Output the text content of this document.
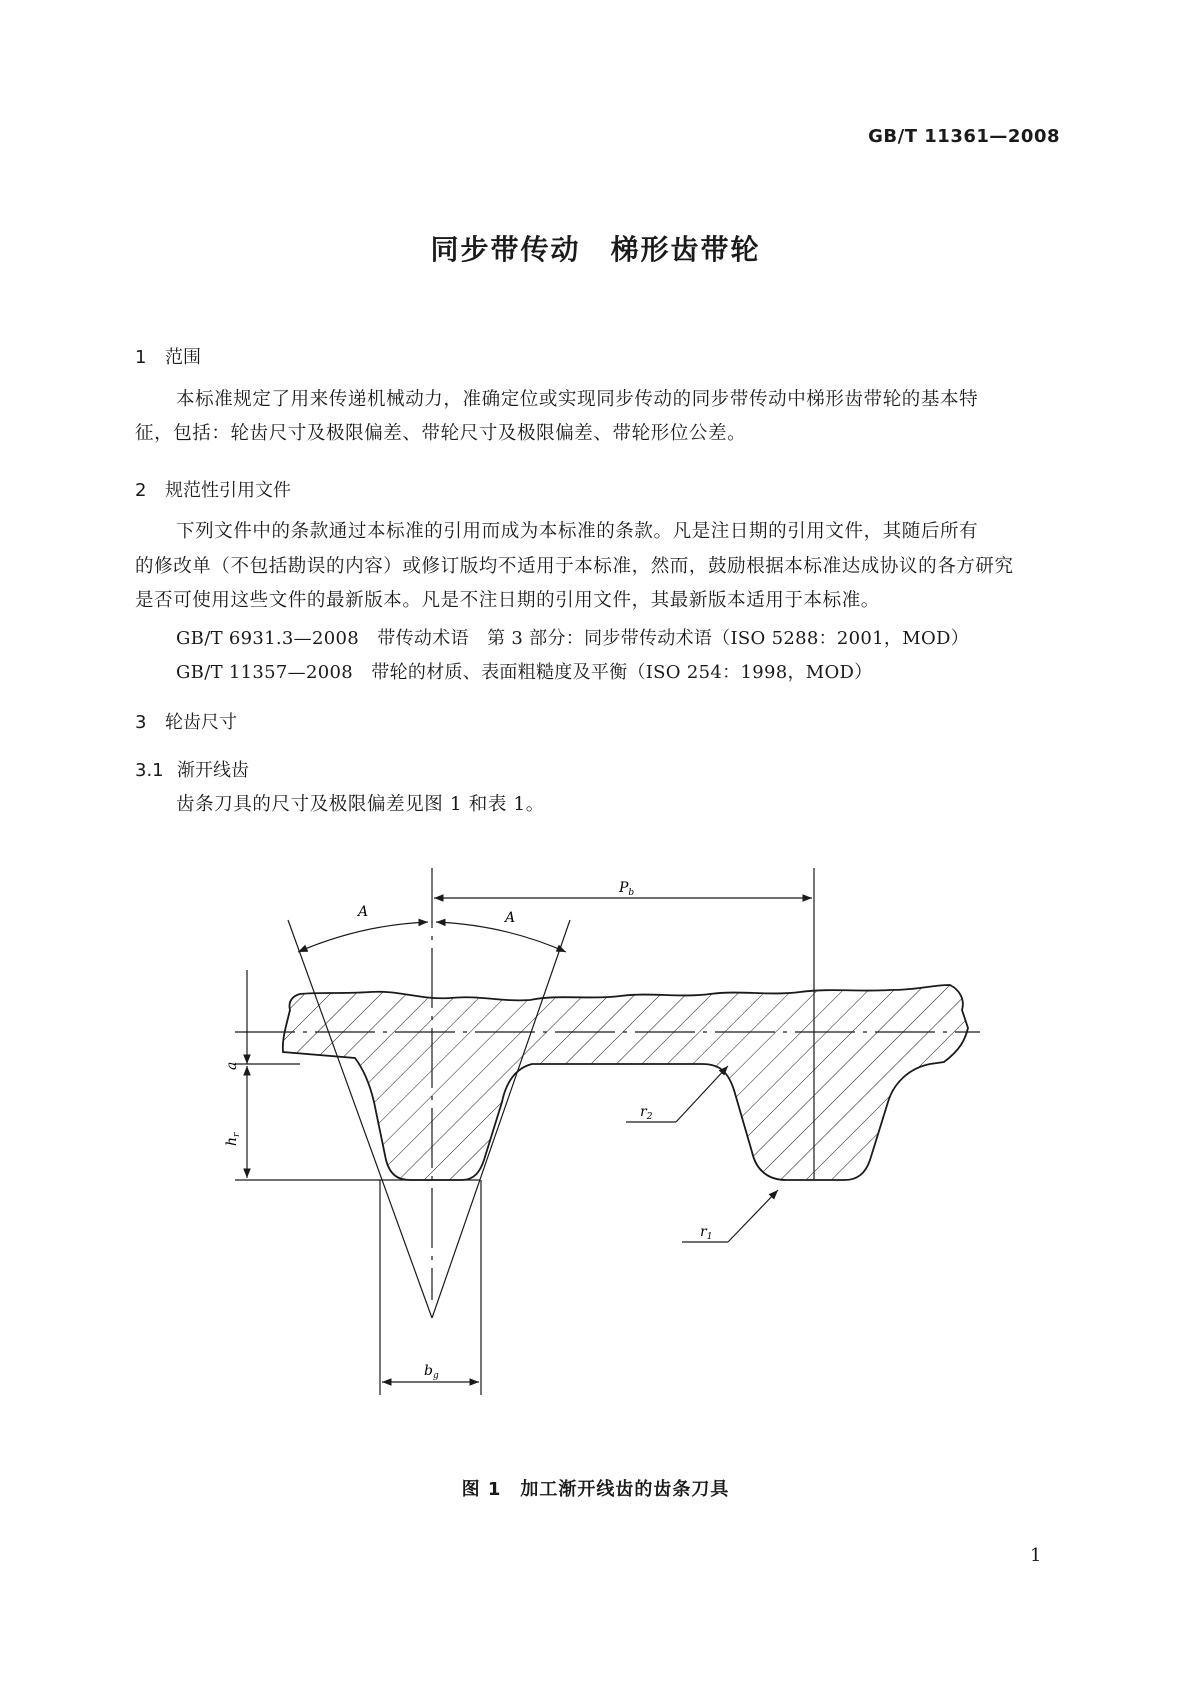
GB/T 11361—2008
同步带传动　梯形齿带轮
1 范围
本标准规定了用来传递机械动力，准确定位或实现同步传动的同步带传动中梯形齿带轮的基本特
征，包括：轮齿尺寸及极限偏差、带轮尺寸及极限偏差、带轮形位公差。
2 规范性引用文件
下列文件中的条款通过本标准的引用而成为本标准的条款。凡是注日期的引用文件，其随后所有
的修改单（不包括勘误的内容）或修订版均不适用于本标准，然而，鼓励根据本标准达成协议的各方研究
是否可使用这些文件的最新版本。凡是不注日期的引用文件，其最新版本适用于本标准。
GB/T 6931.3—2008　带传动术语　第 3 部分：同步带传动术语（ISO 5288：2001，MOD）
GB/T 11357—2008　带轮的材质、表面粗糙度及平衡（ISO 254：1998，MOD）
3 轮齿尺寸
3.1 渐开线齿
齿条刀具的尺寸及极限偏差见图 1 和表 1。
A	A
$P_b$
a
$h_r$
$r_2$
$r_1$
$b_g$
图 1　加工渐开线齿的齿条刀具
1
